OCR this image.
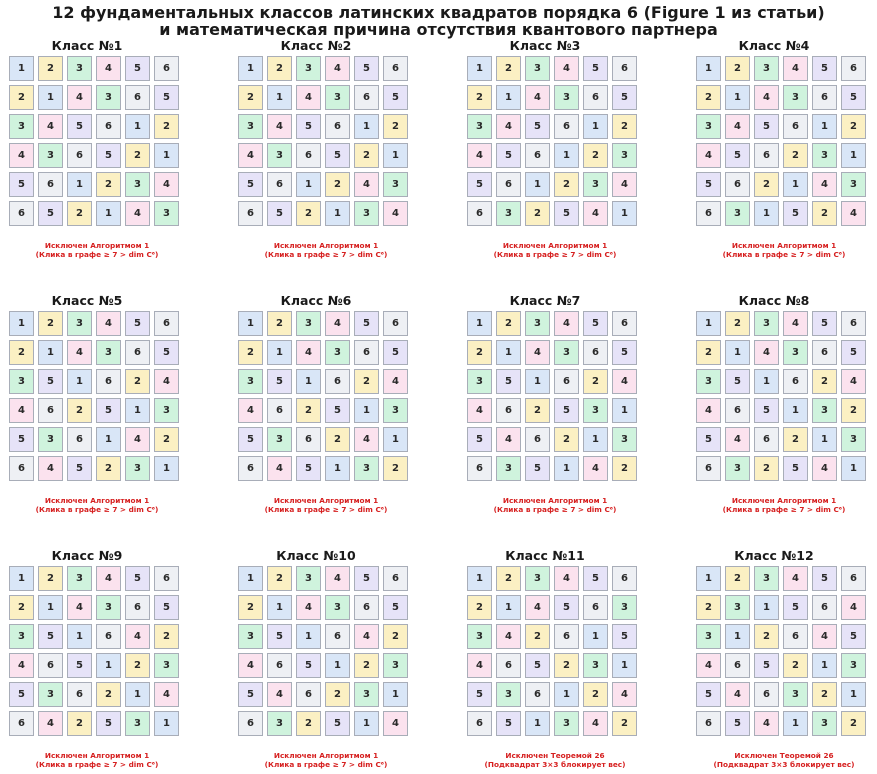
12 фундаментальных классов латинских квадратов порядка 6 (Figure 1 из статьи)
и математическая причина отсутствия квантового партнера
Класс №1
1	2	3	4	5	6
2	1	4	3	6	5
3	4	5	6	1	2
4	3	6	5	2	1
5	6	1	2	3	4
6	5	2	1	4	3
Исключен Алгоритмом 1
(Клика в графе ≥ 7 > dim C⁶)
Класс №2
1	2	3	4	5	6
2	1	4	3	6	5
3	4	5	6	1	2
4	3	6	5	2	1
5	6	1	2	4	3
6	5	2	1	3	4
Исключен Алгоритмом 1
(Клика в графе ≥ 7 > dim C⁶)
Класс №3
1	2	3	4	5	6
2	1	4	3	6	5
3	4	5	6	1	2
4	5	6	1	2	3
5	6	1	2	3	4
6	3	2	5	4	1
Исключен Алгоритмом 1
(Клика в графе ≥ 7 > dim C⁶)
Класс №4
1	2	3	4	5	6
2	1	4	3	6	5
3	4	5	6	1	2
4	5	6	2	3	1
5	6	2	1	4	3
6	3	1	5	2	4
Исключен Алгоритмом 1
(Клика в графе ≥ 7 > dim C⁶)
Класс №5
1	2	3	4	5	6
2	1	4	3	6	5
3	5	1	6	2	4
4	6	2	5	1	3
5	3	6	1	4	2
6	4	5	2	3	1
Исключен Алгоритмом 1
(Клика в графе ≥ 7 > dim C⁶)
Класс №6
1	2	3	4	5	6
2	1	4	3	6	5
3	5	1	6	2	4
4	6	2	5	1	3
5	3	6	2	4	1
6	4	5	1	3	2
Исключен Алгоритмом 1
(Клика в графе ≥ 7 > dim C⁶)
Класс №7
1	2	3	4	5	6
2	1	4	3	6	5
3	5	1	6	2	4
4	6	2	5	3	1
5	4	6	2	1	3
6	3	5	1	4	2
Исключен Алгоритмом 1
(Клика в графе ≥ 7 > dim C⁶)
Класс №8
1	2	3	4	5	6
2	1	4	3	6	5
3	5	1	6	2	4
4	6	5	1	3	2
5	4	6	2	1	3
6	3	2	5	4	1
Исключен Алгоритмом 1
(Клика в графе ≥ 7 > dim C⁶)
Класс №9
1	2	3	4	5	6
2	1	4	3	6	5
3	5	1	6	4	2
4	6	5	1	2	3
5	3	6	2	1	4
6	4	2	5	3	1
Исключен Алгоритмом 1
(Клика в графе ≥ 7 > dim C⁶)
Класс №10
1	2	3	4	5	6
2	1	4	3	6	5
3	5	1	6	4	2
4	6	5	1	2	3
5	4	6	2	3	1
6	3	2	5	1	4
Исключен Алгоритмом 1
(Клика в графе ≥ 7 > dim C⁶)
Класс №11
1	2	3	4	5	6
2	1	4	5	6	3
3	4	2	6	1	5
4	6	5	2	3	1
5	3	6	1	2	4
6	5	1	3	4	2
Исключен Теоремой 26
(Подквадрат 3×3 блокирует вес)
Класс №12
1	2	3	4	5	6
2	3	1	5	6	4
3	1	2	6	4	5
4	6	5	2	1	3
5	4	6	3	2	1
6	5	4	1	3	2
Исключен Теоремой 26
(Подквадрат 3×3 блокирует вес)
